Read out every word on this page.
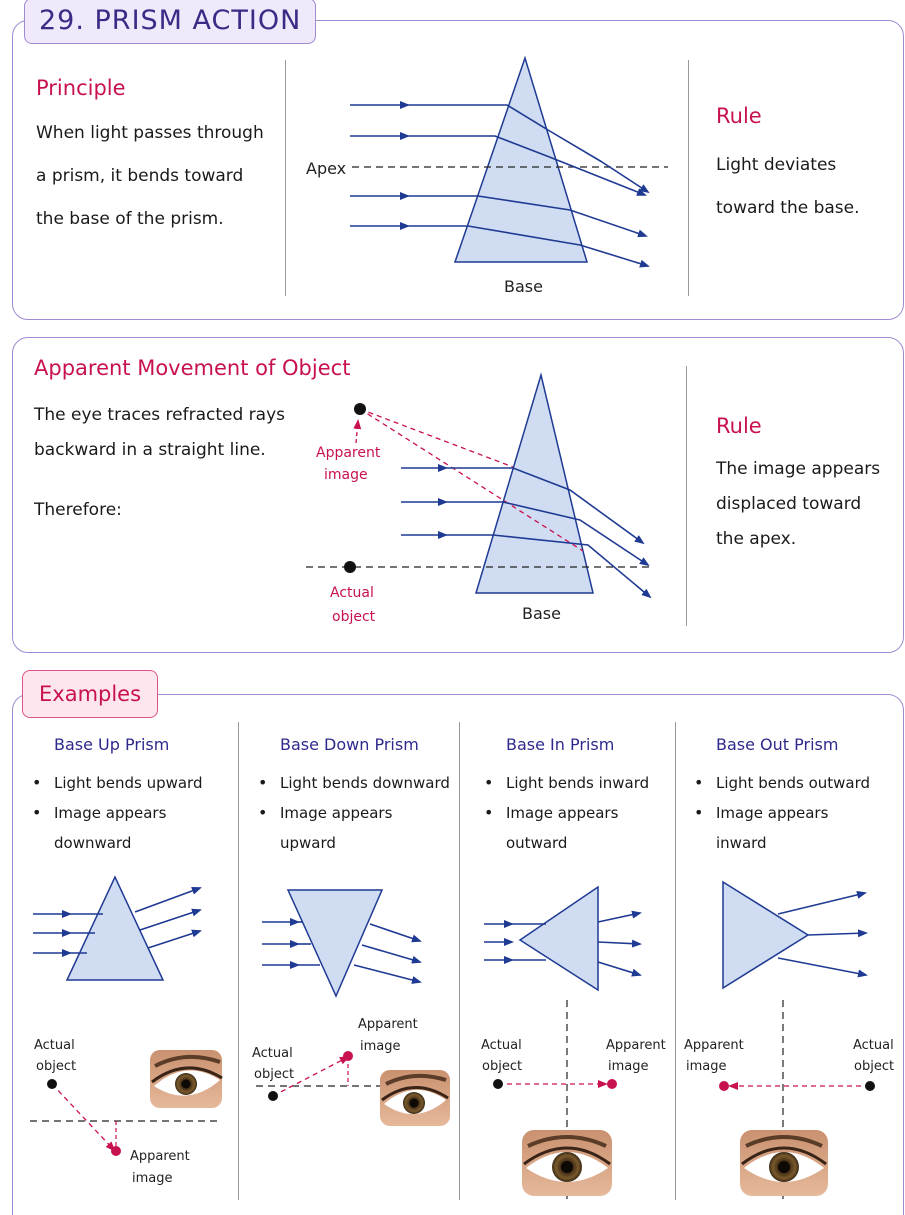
29. PRISM ACTION
Principle
When light passes through
a prism, it bends toward
the base of the prism.
Rule
Light deviates
toward the base.
Apex
Base
Apparent Movement of Object
The eye traces refracted rays
backward in a straight line.
Therefore:
Rule
The image appears
displaced toward
the apex.
Apparent
image
Actual
object	Base
Examples
Base Up Prism
• Light bends upward
• Image appears downward
Base Down Prism
• Light bends downward
• Image appears upward
Base In Prism
• Light bends inward
• Image appears outward
Base Out Prism
• Light bends outward
• Image appears inward
Actual
object
Apparent
image
Actual
object
Apparent
image	Actual
object
Apparent
image
Apparent
image
Actual
object
